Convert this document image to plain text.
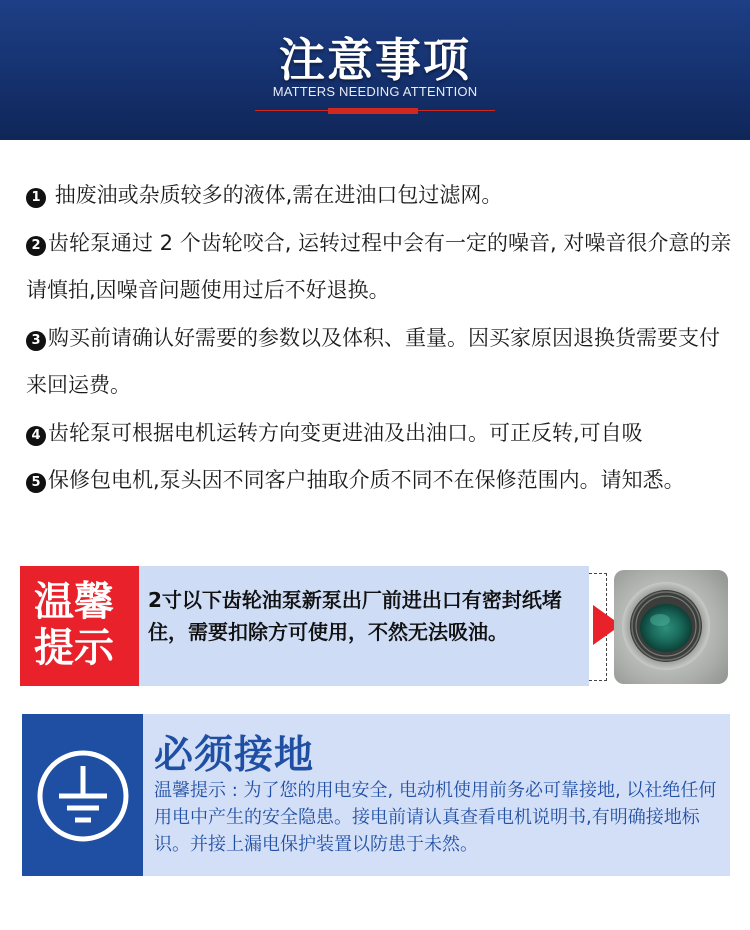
注意事项
MATTERS NEEDING ATTENTION
1 抽废油或杂质较多的液体,需在进油口包过滤网。
2 齿轮泵通过 2 个齿轮咬合, 运转过程中会有一定的噪音, 对噪音很介意的亲请慎拍,因噪音问题使用过后不好退换。
3 购买前请确认好需要的参数以及体积、重量。因买家原因退换货需要支付来回运费。
4 齿轮泵可根据电机运转方向变更进油及出油口。可正反转,可自吸
5 保修包电机,泵头因不同客户抽取介质不同不在保修范围内。请知悉。
温馨
提示
2寸以下齿轮油泵新泵出厂前进出口有密封纸堵住，需要扣除方可使用，不然无法吸油。
必须接地
温馨提示 : 为了您的用电安全, 电动机使用前务必可靠接地, 以社绝任何用电中产生的安全隐患。接电前请认真查看电机说明书,有明确接地标识。并接上漏电保护装置以防患于未然。
